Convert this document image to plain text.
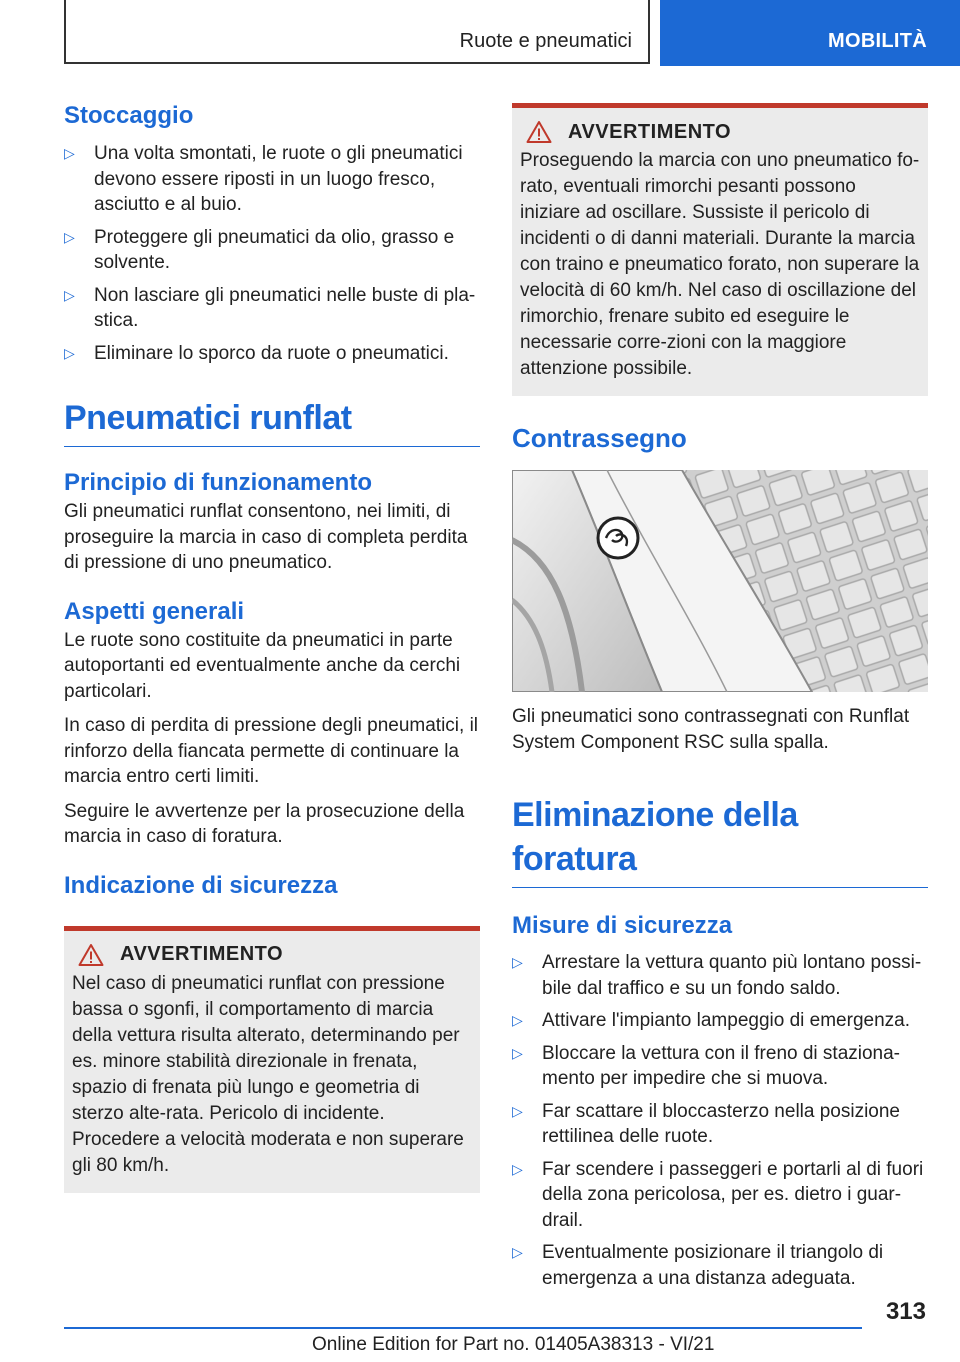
Ruote e pneumatici	MOBILITÀ
Stoccaggio
▷ Una volta smontati, le ruote o gli pneumatici devono essere riposti in un luogo fresco, asciutto e al buio.
▷ Proteggere gli pneumatici da olio, grasso e solvente.
▷ Non lasciare gli pneumatici nelle buste di pla-stica.
▷ Eliminare lo sporco da ruote o pneumatici.
Pneumatici runflat
Principio di funzionamento

Gli pneumatici runflat consentono, nei limiti, di proseguire la marcia in caso di completa perdita di pressione di uno pneumatico.

Aspetti generali

Le ruote sono costituite da pneumatici in parte autoportanti ed eventualmente anche da cerchi particolari.

In caso di perdita di pressione degli pneumatici, il rinforzo della fiancata permette di continuare la marcia entro certi limiti.

Seguire le avvertenze per la prosecuzione della marcia in caso di foratura.

Indicazione di sicurezza
AVVERTIMENTO

Nel caso di pneumatici runflat con pressione bassa o sgonfi, il comportamento di marcia della vettura risulta alterato, determinando per es. minore stabilità direzionale in frenata, spazio di frenata più lungo e geometria di sterzo alte-rata. Pericolo di incidente. Procedere a velocità moderata e non superare gli 80 km/h.

AVVERTIMENTO

Proseguendo la marcia con uno pneumatico fo-rato, eventuali rimorchi pesanti possono iniziare ad oscillare. Sussiste il pericolo di incidenti o di danni materiali. Durante la marcia con traino e pneumatico forato, non superare la velocità di 60 km/h. Nel caso di oscillazione del rimorchio, frenare subito ed eseguire le necessarie corre-zioni con la maggiore attenzione possibile.

Contrassegno

Gli pneumatici sono contrassegnati con Runflat System Component RSC sulla spalla.

Eliminazione della foratura
Misure di sicurezza
▷ Arrestare la vettura quanto più lontano possi-bile dal traffico e su un fondo saldo.
▷ Attivare l'impianto lampeggio di emergenza.
▷ Bloccare la vettura con il freno di staziona-mento per impedire che si muova.
▷ Far scattare il bloccasterzo nella posizione rettilinea delle ruote.
▷ Far scendere i passeggeri e portarli al di fuori della zona pericolosa, per es. dietro i guar-drail.
▷ Eventualmente posizionare il triangolo di emergenza a una distanza adeguata.
313
Online Edition for Part no. 01405A38313 - VI/21
